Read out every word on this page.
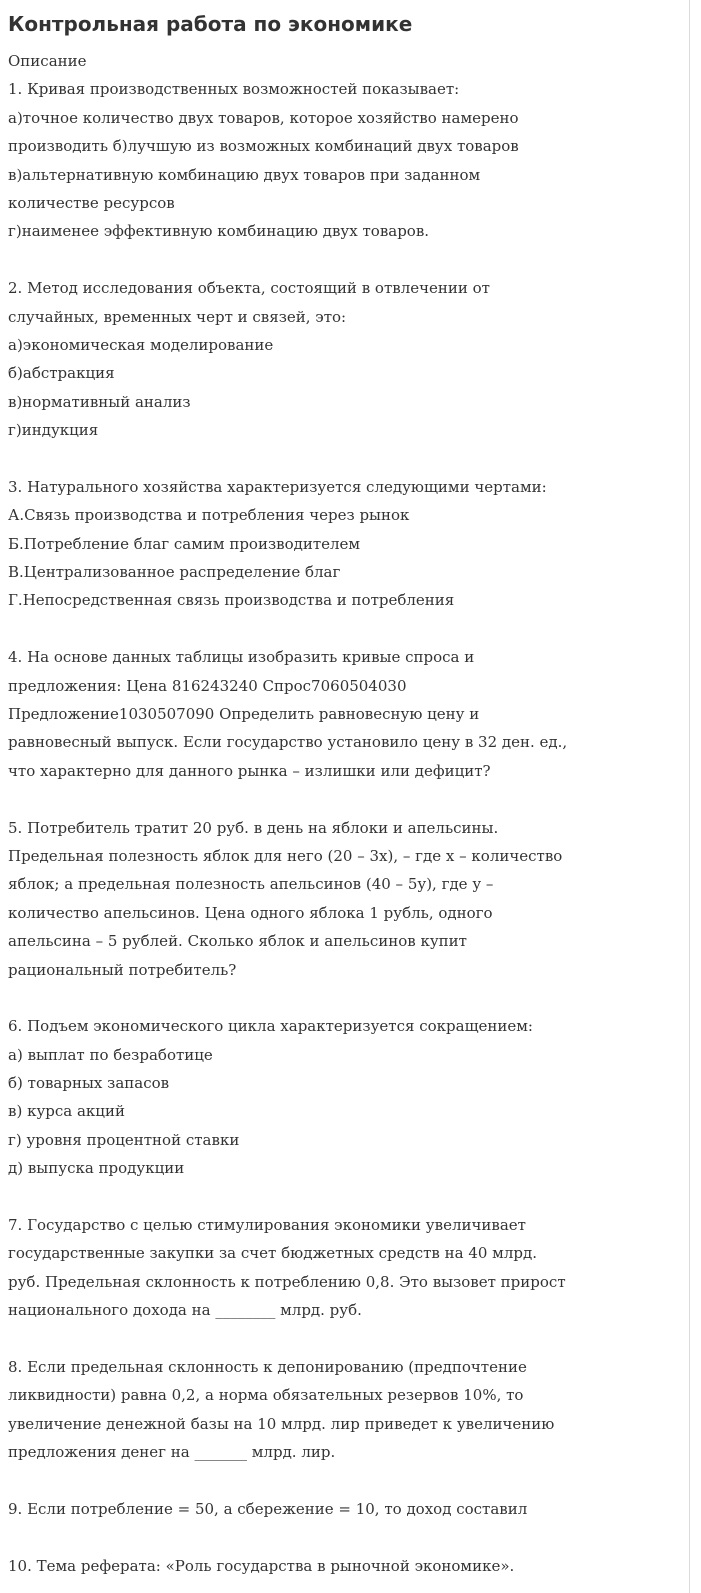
Контрольная работа по экономике
Описание
1. Кривая производственных возможностей показывает:
а)точное количество двух товаров, которое хозяйство намерено
производить б)лучшую из возможных комбинаций двух товаров
в)альтернативную комбинацию двух товаров при заданном
количестве ресурсов
г)наименее эффективную комбинацию двух товаров.
2. Метод исследования объекта, состоящий в отвлечении от
случайных, временных черт и связей, это:
а)экономическая моделирование
б)абстракция
в)нормативный анализ
г)индукция
3. Натурального хозяйства характеризуется следующими чертами:
А.Связь производства и потребления через рынок
Б.Потребление благ самим производителем
В.Централизованное распределение благ
Г.Непосредственная связь производства и потребления
4. На основе данных таблицы изобразить кривые спроса и
предложения: Цена 816243240 Спрос7060504030
Предложение1030507090 Определить равновесную цену и
равновесный выпуск. Если государство установило цену в 32 ден. ед.,
что характерно для данного рынка – излишки или дефицит?
5. Потребитель тратит 20 руб. в день на яблоки и апельсины.
Предельная полезность яблок для него (20 – 3х), – где х – количество
яблок; а предельная полезность апельсинов (40 – 5у), где у –
количество апельсинов. Цена одного яблока 1 рубль, одного
апельсина – 5 рублей. Сколько яблок и апельсинов купит
рациональный потребитель?
6. Подъем экономического цикла характеризуется сокращением:
а) выплат по безработице
б) товарных запасов
в) курса акций
г) уровня процентной ставки
д) выпуска продукции
7. Государство с целью стимулирования экономики увеличивает
государственные закупки за счет бюджетных средств на 40 млрд.
руб. Предельная склонность к потреблению 0,8. Это вызовет прирост
национального дохода на ________ млрд. руб.
8. Если предельная склонность к депонированию (предпочтение
ликвидности) равна 0,2, а норма обязательных резервов 10%, то
увеличение денежной базы на 10 млрд. лир приведет к увеличению
предложения денег на _______ млрд. лир.
9. Если потребление = 50, а сбережение = 10, то доход составил
10. Тема реферата: «Роль государства в рыночной экономике».
